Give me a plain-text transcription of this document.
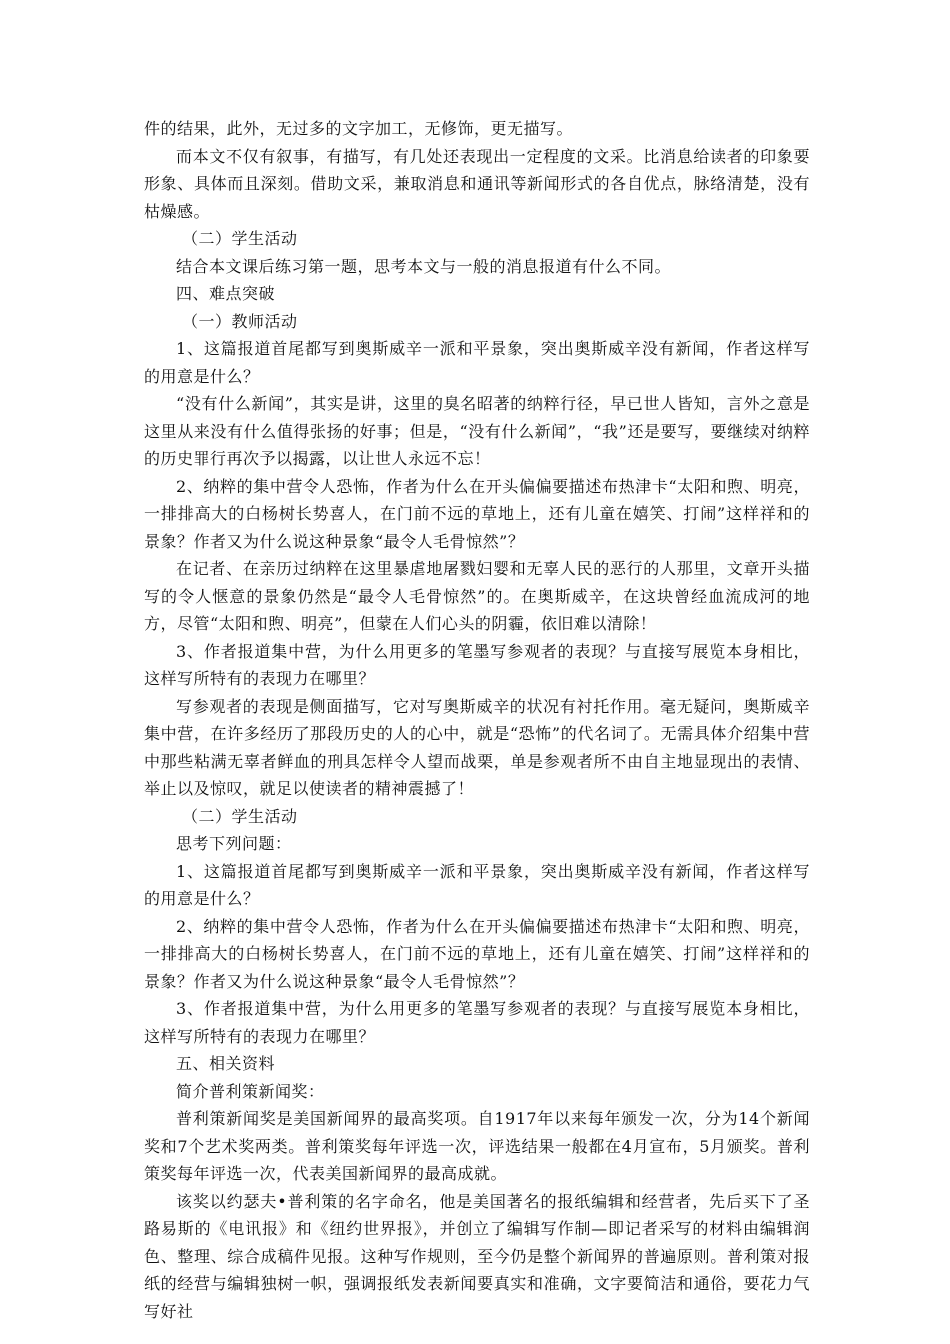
件的结果，此外，无过多的文字加工，无修饰，更无描写。

而本文不仅有叙事，有描写，有几处还表现出一定程度的文采。比消息给读者的印象要形象、具体而且深刻。借助文采，兼取消息和通讯等新闻形式的各自优点，脉络清楚，没有枯燥感。

（二）学生活动

结合本文课后练习第一题，思考本文与一般的消息报道有什么不同。

四、难点突破

（一）教师活动

1、这篇报道首尾都写到奥斯威辛一派和平景象，突出奥斯威辛没有新闻，作者这样写的用意是什么？

“没有什么新闻”，其实是讲，这里的臭名昭著的纳粹行径，早已世人皆知，言外之意是这里从来没有什么值得张扬的好事；但是，“没有什么新闻”，“我”还是要写，要继续对纳粹的历史罪行再次予以揭露，以让世人永远不忘！

2、纳粹的集中营令人恐怖，作者为什么在开头偏偏要描述布热津卡“太阳和煦、明亮，一排排高大的白杨树长势喜人，在门前不远的草地上，还有儿童在嬉笑、打闹”这样祥和的景象？作者又为什么说这种景象“最令人毛骨惊然”？

在记者、在亲历过纳粹在这里暴虐地屠戮妇婴和无辜人民的恶行的人那里，文章开头描写的令人惬意的景象仍然是“最令人毛骨惊然”的。在奥斯威辛，在这块曾经血流成河的地方，尽管“太阳和煦、明亮”，但蒙在人们心头的阴霾，依旧难以清除！

3、作者报道集中营，为什么用更多的笔墨写参观者的表现？与直接写展览本身相比，这样写所特有的表现力在哪里？

写参观者的表现是侧面描写，它对写奥斯威辛的状况有衬托作用。毫无疑问，奥斯威辛集中营，在许多经历了那段历史的人的心中，就是“恐怖”的代名词了。无需具体介绍集中营中那些粘满无辜者鲜血的刑具怎样令人望而战栗，单是参观者所不由自主地显现出的表情、举止以及惊叹，就足以使读者的精神震撼了！

（二）学生活动

思考下列问题：

1、这篇报道首尾都写到奥斯威辛一派和平景象，突出奥斯威辛没有新闻，作者这样写的用意是什么？

2、纳粹的集中营令人恐怖，作者为什么在开头偏偏要描述布热津卡“太阳和煦、明亮，一排排高大的白杨树长势喜人，在门前不远的草地上，还有儿童在嬉笑、打闹”这样祥和的景象？作者又为什么说这种景象“最令人毛骨惊然”？

3、作者报道集中营，为什么用更多的笔墨写参观者的表现？与直接写展览本身相比，这样写所特有的表现力在哪里？

五、相关资料

简介普利策新闻奖：

普利策新闻奖是美国新闻界的最高奖项。自1917年以来每年颁发一次，分为14个新闻奖和7个艺术奖两类。普利策奖每年评选一次，评选结果一般都在4月宣布，5月颁奖。普利策奖每年评选一次，代表美国新闻界的最高成就。

该奖以约瑟夫•普利策的名字命名，他是美国著名的报纸编辑和经营者，先后买下了圣路易斯的《电讯报》和《纽约世界报》，并创立了编辑写作制—即记者采写的材料由编辑润色、整理、综合成稿件见报。这种写作规则，至今仍是整个新闻界的普遍原则。普利策对报纸的经营与编辑独树一帜，强调报纸发表新闻要真实和准确，文字要简洁和通俗，要花力气写好社
